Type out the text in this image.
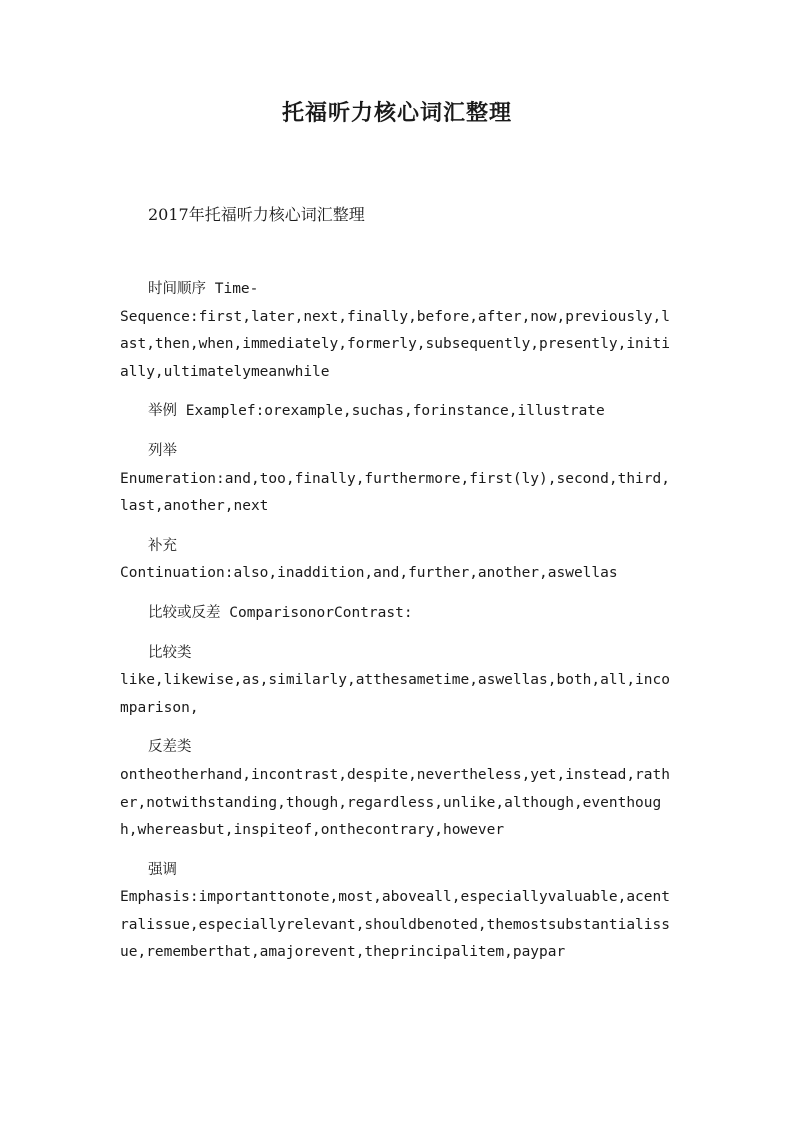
托福听力核心词汇整理
2017年托福听力核心词汇整理

时间顺序 Time-

Sequence:first,later,next,finally,before,after,now,previously,last,then,when,immediately,formerly,subsequently,presently,initially,ultimatelymeanwhile

举例 Examplef:orexample,suchas,forinstance,illustrate

列举

Enumeration:and,too,finally,furthermore,first(ly),second,third,last,another,next

补充

Continuation:also,inaddition,and,further,another,aswellas

比较或反差 ComparisonorContrast:

比较类

like,likewise,as,similarly,atthesametime,aswellas,both,all,incomparison,

反差类

ontheotherhand,incontrast,despite,nevertheless,yet,instead,rather,notwithstanding,though,regardless,unlike,although,eventhough,whereasbut,inspiteof,onthecontrary,however

强调

Emphasis:importanttonote,most,aboveall,especiallyvaluable,acentralissue,especiallyrelevant,shouldbenoted,themostsubstantialissue,rememberthat,amajorevent,theprincipalitem,paypar
